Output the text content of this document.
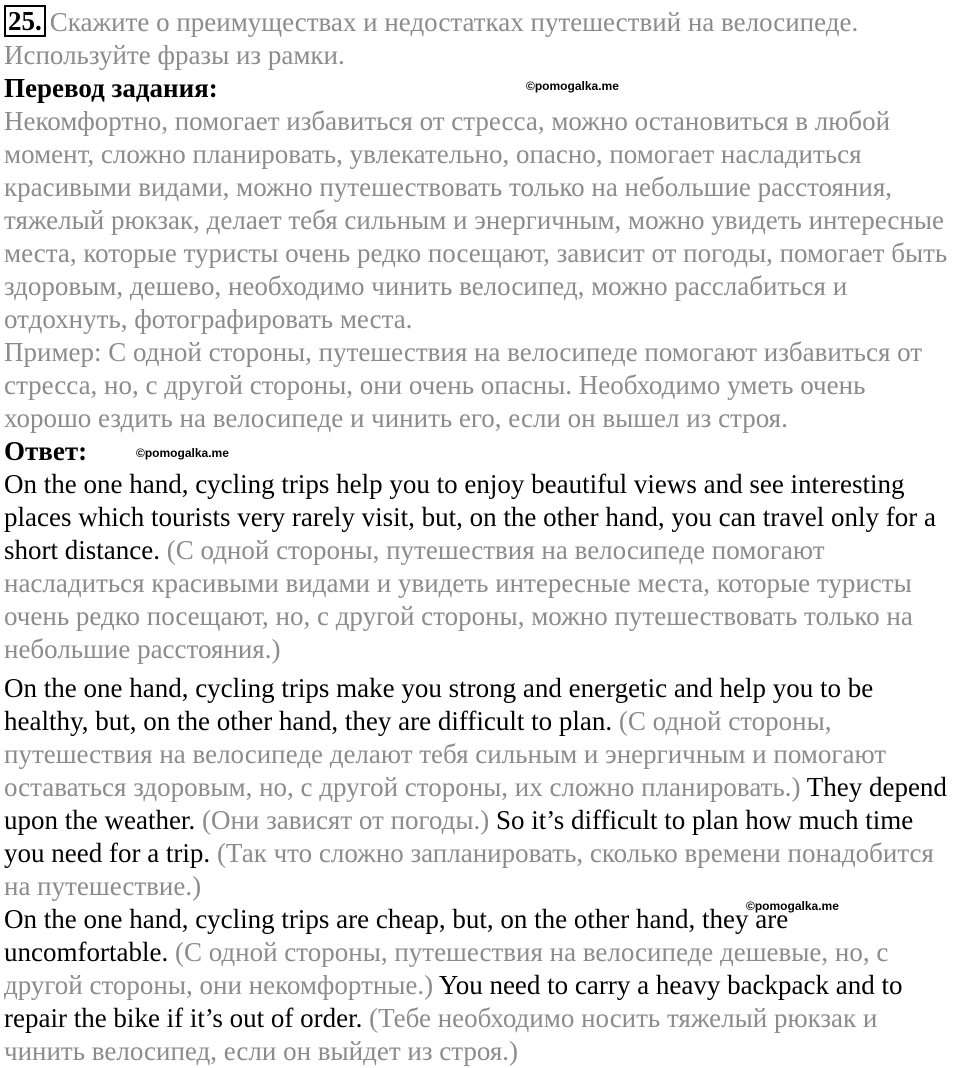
25. Скажите о преимуществах и недостатках путешествий на велосипеде.
Используйте фразы из рамки.
Перевод задания:	©pomogalka.me

Некомфортно, помогает избавиться от стресса, можно остановиться в любой момент, сложно планировать, увлекательно, опасно, помогает насладиться красивыми видами, можно путешествовать только на небольшие расстояния, тяжелый рюкзак, делает тебя сильным и энергичным, можно увидеть интересные места, которые туристы очень редко посещают, зависит от погоды, помогает быть здоровым, дешево, необходимо чинить велосипед, можно расслабиться и отдохнуть, фотографировать места.

Пример: С одной стороны, путешествия на велосипеде помогают избавиться от стресса, но, с другой стороны, они очень опасны. Необходимо уметь очень хорошо ездить на велосипеде и чинить его, если он вышел из строя.

Ответ:	©pomogalka.me

On the one hand, cycling trips help you to enjoy beautiful views and see interesting places which tourists very rarely visit, but, on the other hand, you can travel only for a short distance. (С одной стороны, путешествия на велосипеде помогают насладиться красивыми видами и увидеть интересные места, которые туристы очень редко посещают, но, с другой стороны, можно путешествовать только на небольшие расстояния.)

On the one hand, cycling trips make you strong and energetic and help you to be healthy, but, on the other hand, they are difficult to plan. (С одной стороны, путешествия на велосипеде делают тебя сильным и энергичным и помогают оставаться здоровым, но, с другой стороны, их сложно планировать.) They depend upon the weather. (Они зависят от погоды.) So it’s difficult to plan how much time you need for a trip. (Так что сложно запланировать, сколько времени понадобится на путешествие.)
©pomogalka.me

On the one hand, cycling trips are cheap, but, on the other hand, they are uncomfortable. (С одной стороны, путешествия на велосипеде дешевые, но, с другой стороны, они некомфортные.) You need to carry a heavy backpack and to repair the bike if it’s out of order. (Тебе необходимо носить тяжелый рюкзак и чинить велосипед, если он выйдет из строя.)
